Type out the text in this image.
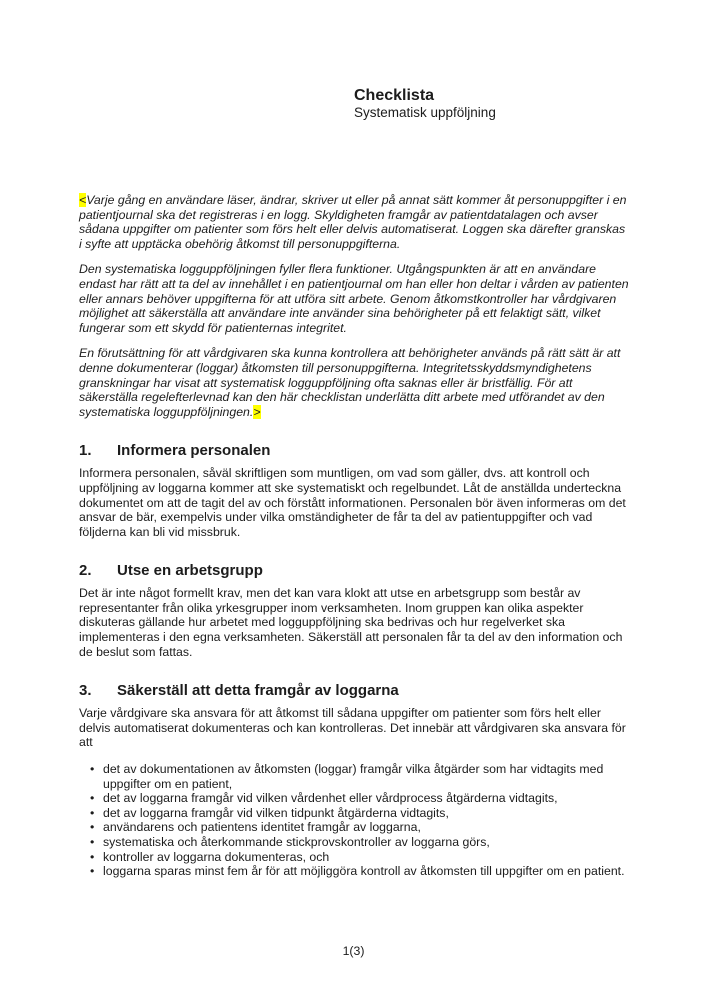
Checklista
Systematisk uppföljning

<Varje gång en användare läser, ändrar, skriver ut eller på annat sätt kommer åt personuppgifter i en patientjournal ska det registreras i en logg. Skyldigheten framgår av patientdatalagen och avser sådana uppgifter om patienter som förs helt eller delvis automatiserat. Loggen ska därefter granskas i syfte att upptäcka obehörig åtkomst till personuppgifterna.

Den systematiska logguppföljningen fyller flera funktioner. Utgångspunkten är att en användare endast har rätt att ta del av innehållet i en patientjournal om han eller hon deltar i vården av patienten eller annars behöver uppgifterna för att utföra sitt arbete. Genom åtkomstkontroller har vårdgivaren möjlighet att säkerställa att användare inte använder sina behörigheter på ett felaktigt sätt, vilket fungerar som ett skydd för patienternas integritet.

En förutsättning för att vårdgivaren ska kunna kontrollera att behörigheter används på rätt sätt är att denne dokumenterar (loggar) åtkomsten till personuppgifterna. Integritetsskyddsmyndighetens granskningar har visat att systematisk logguppföljning ofta saknas eller är bristfällig. För att säkerställa regelefterlevnad kan den här checklistan underlätta ditt arbete med utförandet av den systematiska logguppföljningen.>

1.	Informera personalen

Informera personalen, såväl skriftligen som muntligen, om vad som gäller, dvs. att kontroll och uppföljning av loggarna kommer att ske systematiskt och regelbundet. Låt de anställda underteckna dokumentet om att de tagit del av och förstått informationen. Personalen bör även informeras om det ansvar de bär, exempelvis under vilka omständigheter de får ta del av patientuppgifter och vad följderna kan bli vid missbruk.

2.	Utse en arbetsgrupp

Det är inte något formellt krav, men det kan vara klokt att utse en arbetsgrupp som består av representanter från olika yrkesgrupper inom verksamheten. Inom gruppen kan olika aspekter diskuteras gällande hur arbetet med logguppföljning ska bedrivas och hur regelverket ska implementeras i den egna verksamheten. Säkerställ att personalen får ta del av den information och de beslut som fattas.

3.	Säkerställ att detta framgår av loggarna

Varje vårdgivare ska ansvara för att åtkomst till sådana uppgifter om patienter som förs helt eller delvis automatiserat dokumenteras och kan kontrolleras. Det innebär att vårdgivaren ska ansvara för att

• det av dokumentationen av åtkomsten (loggar) framgår vilka åtgärder som har vidtagits med uppgifter om en patient,
• det av loggarna framgår vid vilken vårdenhet eller vårdprocess åtgärderna vidtagits,
• det av loggarna framgår vid vilken tidpunkt åtgärderna vidtagits,
• användarens och patientens identitet framgår av loggarna,
• systematiska och återkommande stickprovskontroller av loggarna görs,
• kontroller av loggarna dokumenteras, och
• loggarna sparas minst fem år för att möjliggöra kontroll av åtkomsten till uppgifter om en patient.
1(3)
